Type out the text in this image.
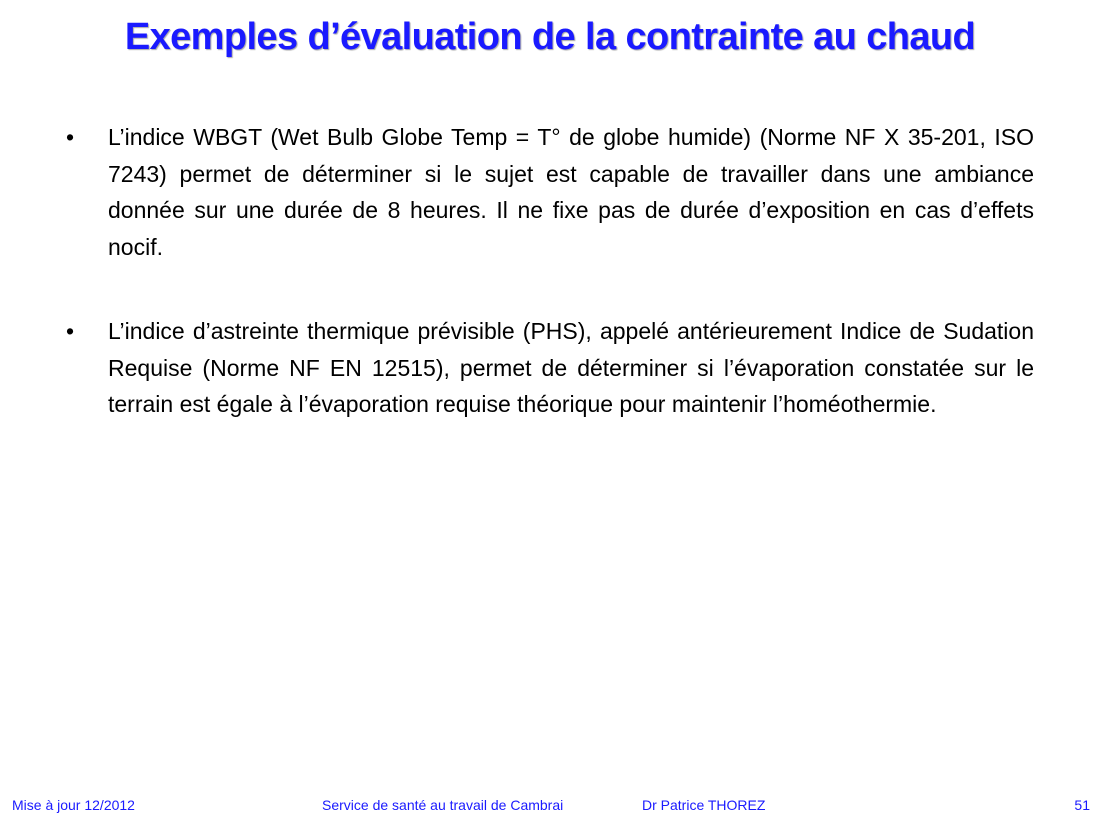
Exemples d’évaluation de la contrainte au chaud
•	L’indice WBGT (Wet Bulb Globe Temp = T° de globe humide) (Norme NF X 35-201, ISO 7243) permet de déterminer si le sujet est capable de travailler dans une ambiance donnée sur une durée de 8 heures. Il ne fixe pas de durée d’exposition en cas d’effets nocif.
•	L’indice d’astreinte thermique prévisible (PHS), appelé antérieurement Indice de Sudation Requise (Norme NF EN 12515), permet de déterminer si l’évaporation constatée sur le terrain est égale à l’évaporation requise théorique pour maintenir l’homéothermie.
Mise à jour 12/2012	Service de santé au travail de Cambrai	Dr Patrice THOREZ	51
